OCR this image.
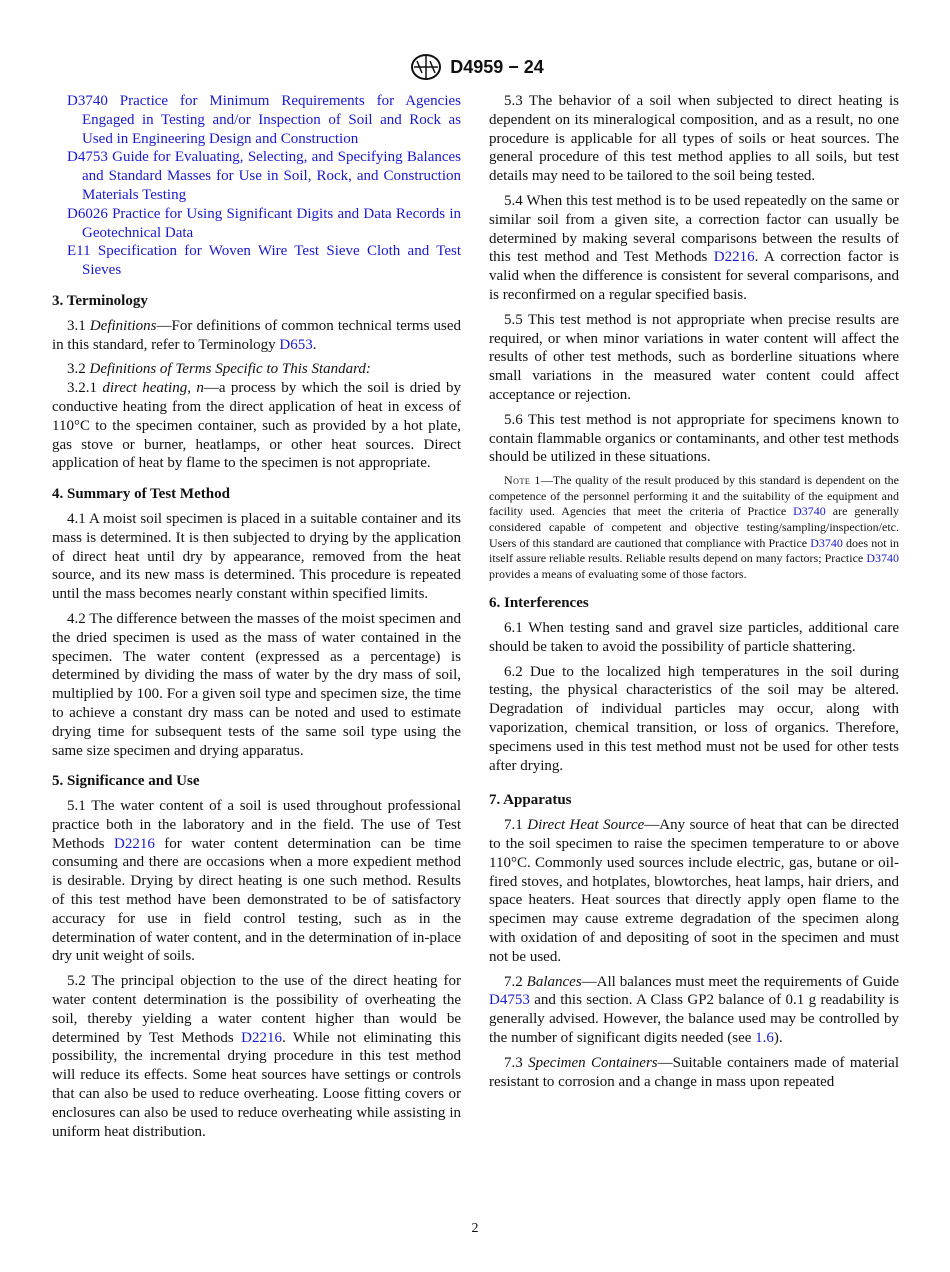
D4959 − 24

D3740 Practice for Minimum Requirements for Agencies Engaged in Testing and/or Inspection of Soil and Rock as Used in Engineering Design and Construction

D4753 Guide for Evaluating, Selecting, and Specifying Balances and Standard Masses for Use in Soil, Rock, and Construction Materials Testing

D6026 Practice for Using Significant Digits and Data Records in Geotechnical Data

E11 Specification for Woven Wire Test Sieve Cloth and Test Sieves

3. Terminology

3.1 Definitions—For definitions of common technical terms used in this standard, refer to Terminology D653.

3.2 Definitions of Terms Specific to This Standard:

3.2.1 direct heating, n—a process by which the soil is dried by conductive heating from the direct application of heat in excess of 110°C to the specimen container, such as provided by a hot plate, gas stove or burner, heatlamps, or other heat sources. Direct application of heat by flame to the specimen is not appropriate.

4. Summary of Test Method

4.1 A moist soil specimen is placed in a suitable container and its mass is determined. It is then subjected to drying by the application of direct heat until dry by appearance, removed from the heat source, and its new mass is determined. This procedure is repeated until the mass becomes nearly constant within specified limits.

4.2 The difference between the masses of the moist specimen and the dried specimen is used as the mass of water contained in the specimen. The water content (expressed as a percentage) is determined by dividing the mass of water by the dry mass of soil, multiplied by 100. For a given soil type and specimen size, the time to achieve a constant dry mass can be noted and used to estimate drying time for subsequent tests of the same soil type using the same size specimen and drying apparatus.

5. Significance and Use

5.1 The water content of a soil is used throughout professional practice both in the laboratory and in the field. The use of Test Methods D2216 for water content determination can be time consuming and there are occasions when a more expedient method is desirable. Drying by direct heating is one such method. Results of this test method have been demonstrated to be of satisfactory accuracy for use in field control testing, such as in the determination of water content, and in the determination of in-place dry unit weight of soils.

5.2 The principal objection to the use of the direct heating for water content determination is the possibility of overheating the soil, thereby yielding a water content higher than would be determined by Test Methods D2216. While not eliminating this possibility, the incremental drying procedure in this test method will reduce its effects. Some heat sources have settings or controls that can also be used to reduce overheating. Loose fitting covers or enclosures can also be used to reduce overheating while assisting in uniform heat distribution.

5.3 The behavior of a soil when subjected to direct heating is dependent on its mineralogical composition, and as a result, no one procedure is applicable for all types of soils or heat sources. The general procedure of this test method applies to all soils, but test details may need to be tailored to the soil being tested.

5.4 When this test method is to be used repeatedly on the same or similar soil from a given site, a correction factor can usually be determined by making several comparisons between the results of this test method and Test Methods D2216. A correction factor is valid when the difference is consistent for several comparisons, and is reconfirmed on a regular specified basis.

5.5 This test method is not appropriate when precise results are required, or when minor variations in water content will affect the results of other test methods, such as borderline situations where small variations in the measured water content could affect acceptance or rejection.

5.6 This test method is not appropriate for specimens known to contain flammable organics or contaminants, and other test methods should be utilized in these situations.

Note 1—The quality of the result produced by this standard is dependent on the competence of the personnel performing it and the suitability of the equipment and facility used. Agencies that meet the criteria of Practice D3740 are generally considered capable of competent and objective testing/sampling/inspection/etc. Users of this standard are cautioned that compliance with Practice D3740 does not in itself assure reliable results. Reliable results depend on many factors; Practice D3740 provides a means of evaluating some of those factors.

6. Interferences

6.1 When testing sand and gravel size particles, additional care should be taken to avoid the possibility of particle shattering.

6.2 Due to the localized high temperatures in the soil during testing, the physical characteristics of the soil may be altered. Degradation of individual particles may occur, along with vaporization, chemical transition, or loss of organics. Therefore, specimens used in this test method must not be used for other tests after drying.

7. Apparatus

7.1 Direct Heat Source—Any source of heat that can be directed to the soil specimen to raise the specimen temperature to or above 110°C. Commonly used sources include electric, gas, butane or oil-fired stoves, and hotplates, blowtorches, heat lamps, hair driers, and space heaters. Heat sources that directly apply open flame to the specimen may cause extreme degradation of the specimen along with oxidation of and depositing of soot in the specimen and must not be used.

7.2 Balances—All balances must meet the requirements of Guide D4753 and this section. A Class GP2 balance of 0.1 g readability is generally advised. However, the balance used may be controlled by the number of significant digits needed (see 1.6).

7.3 Specimen Containers—Suitable containers made of material resistant to corrosion and a change in mass upon repeated

2
